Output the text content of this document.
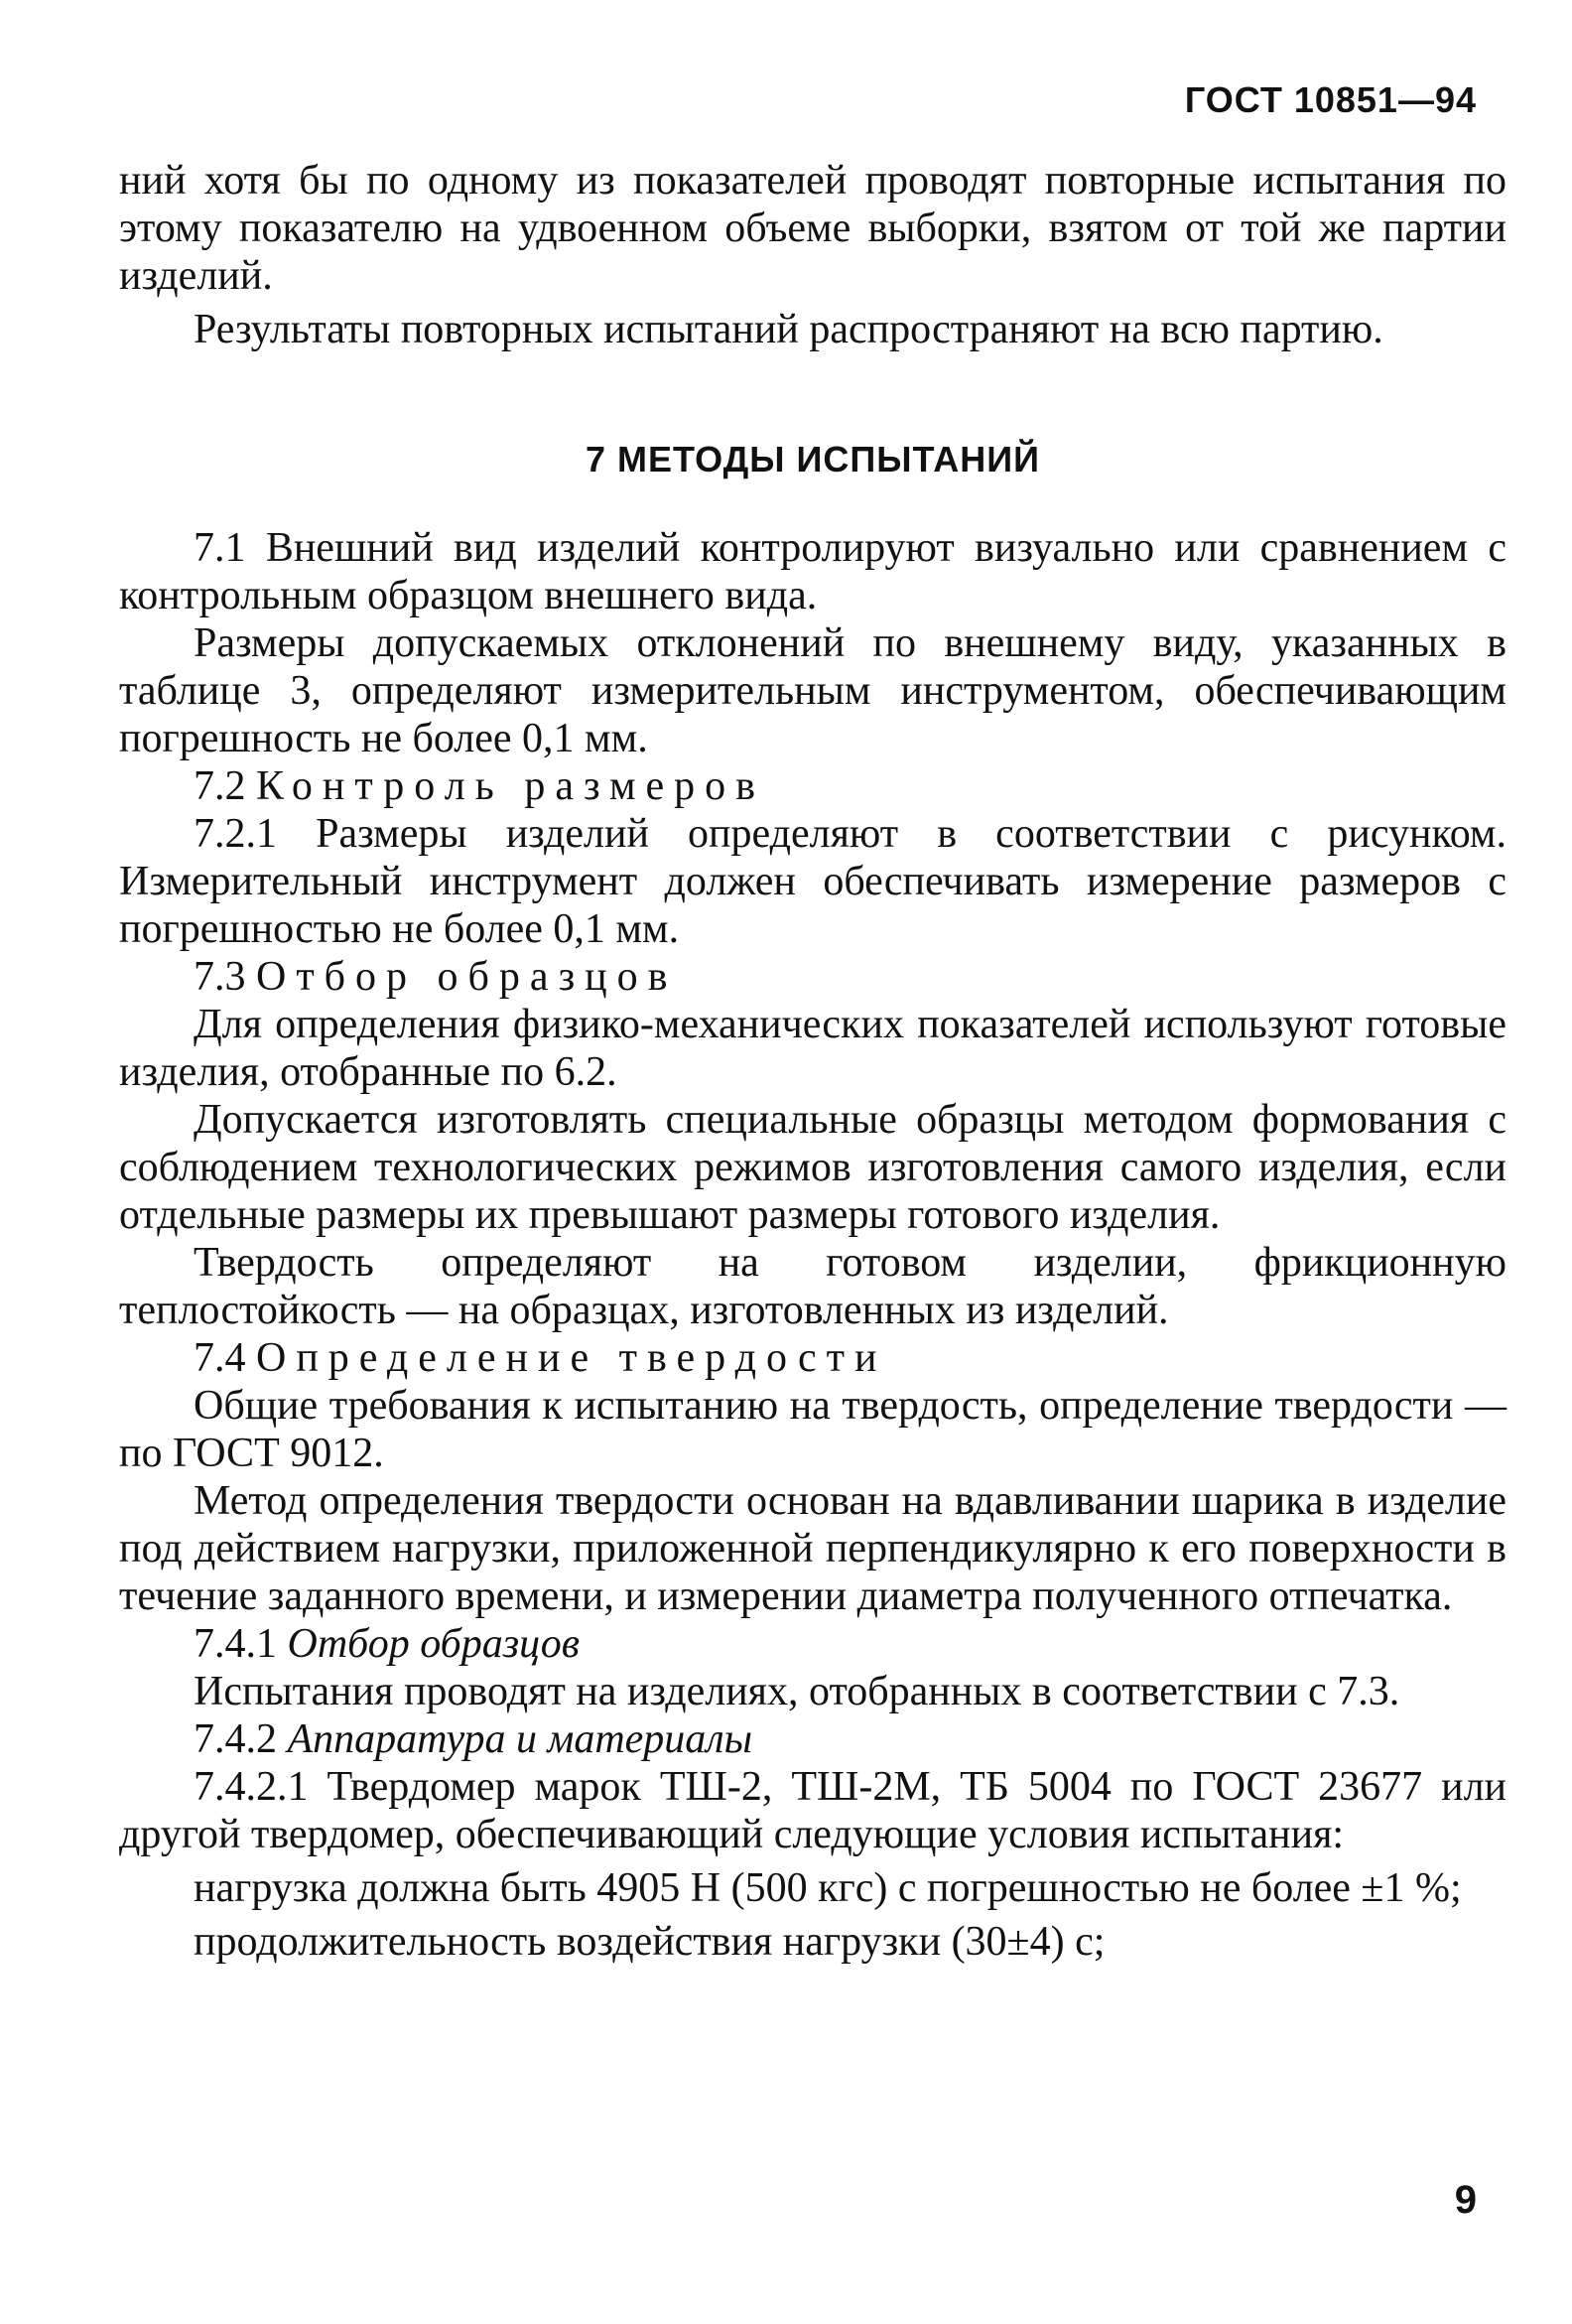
ГОСТ 10851—94

ний хотя бы по одному из показателей проводят повторные испытания по этому показателю на удвоенном объеме выборки, взятом от той же партии изделий.

Результаты повторных испытаний распространяют на всю партию.

7 МЕТОДЫ ИСПЫТАНИЙ

7.1 Внешний вид изделий контролируют визуально или сравнением с контрольным образцом внешнего вида.

Размеры допускаемых отклонений по внешнему виду, указанных в таблице 3, определяют измерительным инструментом, обеспечивающим погрешность не более 0,1 мм.

7.2 Контроль размеров

7.2.1 Размеры изделий определяют в соответствии с рисунком. Измерительный инструмент должен обеспечивать измерение размеров с погрешностью не более 0,1 мм.

7.3 Отбор образцов

Для определения физико-механических показателей используют готовые изделия, отобранные по 6.2.

Допускается изготовлять специальные образцы методом формования с соблюдением технологических режимов изготовления самого изделия, если отдельные размеры их превышают размеры готового изделия.

Твердость определяют на готовом изделии, фрикционную теплостойкость — на образцах, изготовленных из изделий.

7.4 Определение твердости

Общие требования к испытанию на твердость, определение твердости — по ГОСТ 9012.

Метод определения твердости основан на вдавливании шарика в изделие под действием нагрузки, приложенной перпендикулярно к его поверхности в течение заданного времени, и измерении диаметра полученного отпечатка.

7.4.1 Отбор образцов

Испытания проводят на изделиях, отобранных в соответствии с 7.3.

7.4.2 Аппаратура и материалы

7.4.2.1 Твердомер марок ТШ-2, ТШ-2М, ТБ 5004 по ГОСТ 23677 или другой твердомер, обеспечивающий следующие условия испытания:

нагрузка должна быть 4905 Н (500 кгс) с погрешностью не более ±1 %;

продолжительность воздействия нагрузки (30±4) с;

9
